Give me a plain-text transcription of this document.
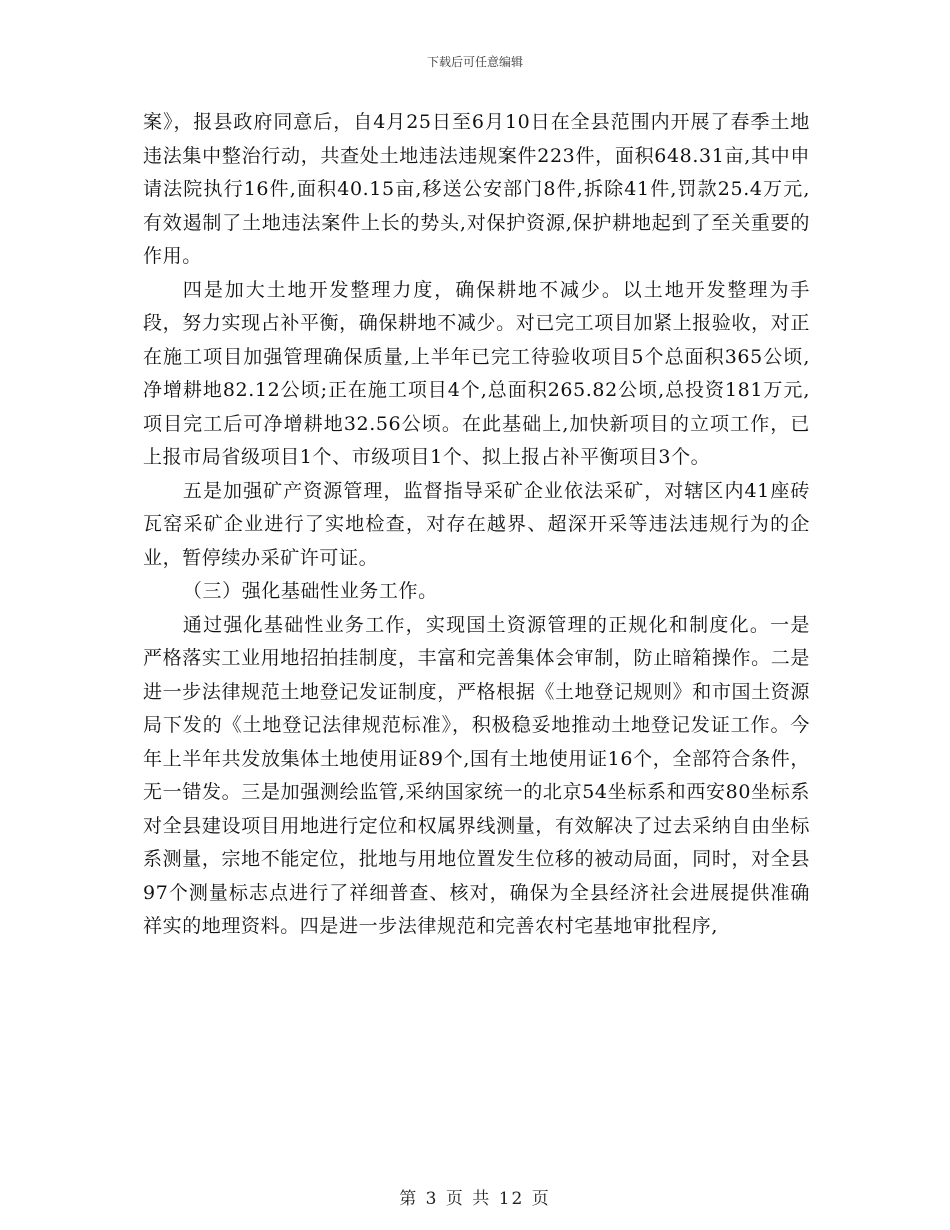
下载后可任意编辑

案》，报县政府同意后，自4月25日至6月10日在全县范围内开展了春季土地违法集中整治行动，共查处土地违法违规案件223件，面积648.31亩,其中申请法院执行16件,面积40.15亩,移送公安部门8件,拆除41件,罚款25.4万元,有效遏制了土地违法案件上长的势头,对保护资源,保护耕地起到了至关重要的作用。

四是加大土地开发整理力度，确保耕地不减少。以土地开发整理为手段，努力实现占补平衡，确保耕地不减少。对已完工项目加紧上报验收，对正在施工项目加强管理确保质量,上半年已完工待验收项目5个总面积365公顷,净增耕地82.12公顷;正在施工项目4个,总面积265.82公顷,总投资181万元,项目完工后可净增耕地32.56公顷。在此基础上,加快新项目的立项工作，已上报市局省级项目1个、市级项目1个、拟上报占补平衡项目3个。

五是加强矿产资源管理，监督指导采矿企业依法采矿，对辖区内41座砖瓦窑采矿企业进行了实地检查，对存在越界、超深开采等违法违规行为的企业，暂停续办采矿许可证。

（三）强化基础性业务工作。

通过强化基础性业务工作，实现国土资源管理的正规化和制度化。一是严格落实工业用地招拍挂制度，丰富和完善集体会审制，防止暗箱操作。二是进一步法律规范土地登记发证制度，严格根据《土地登记规则》和市国土资源局下发的《土地登记法律规范标准》，积极稳妥地推动土地登记发证工作。今年上半年共发放集体土地使用证89个,国有土地使用证16个，全部符合条件，无一错发。三是加强测绘监管,采纳国家统一的北京54坐标系和西安80坐标系对全县建设项目用地进行定位和权属界线测量，有效解决了过去采纳自由坐标系测量，宗地不能定位，批地与用地位置发生位移的被动局面，同时，对全县97个测量标志点进行了祥细普查、核对，确保为全县经济社会进展提供准确祥实的地理资料。四是进一步法律规范和完善农村宅基地审批程序,

第 3 页 共 12 页
